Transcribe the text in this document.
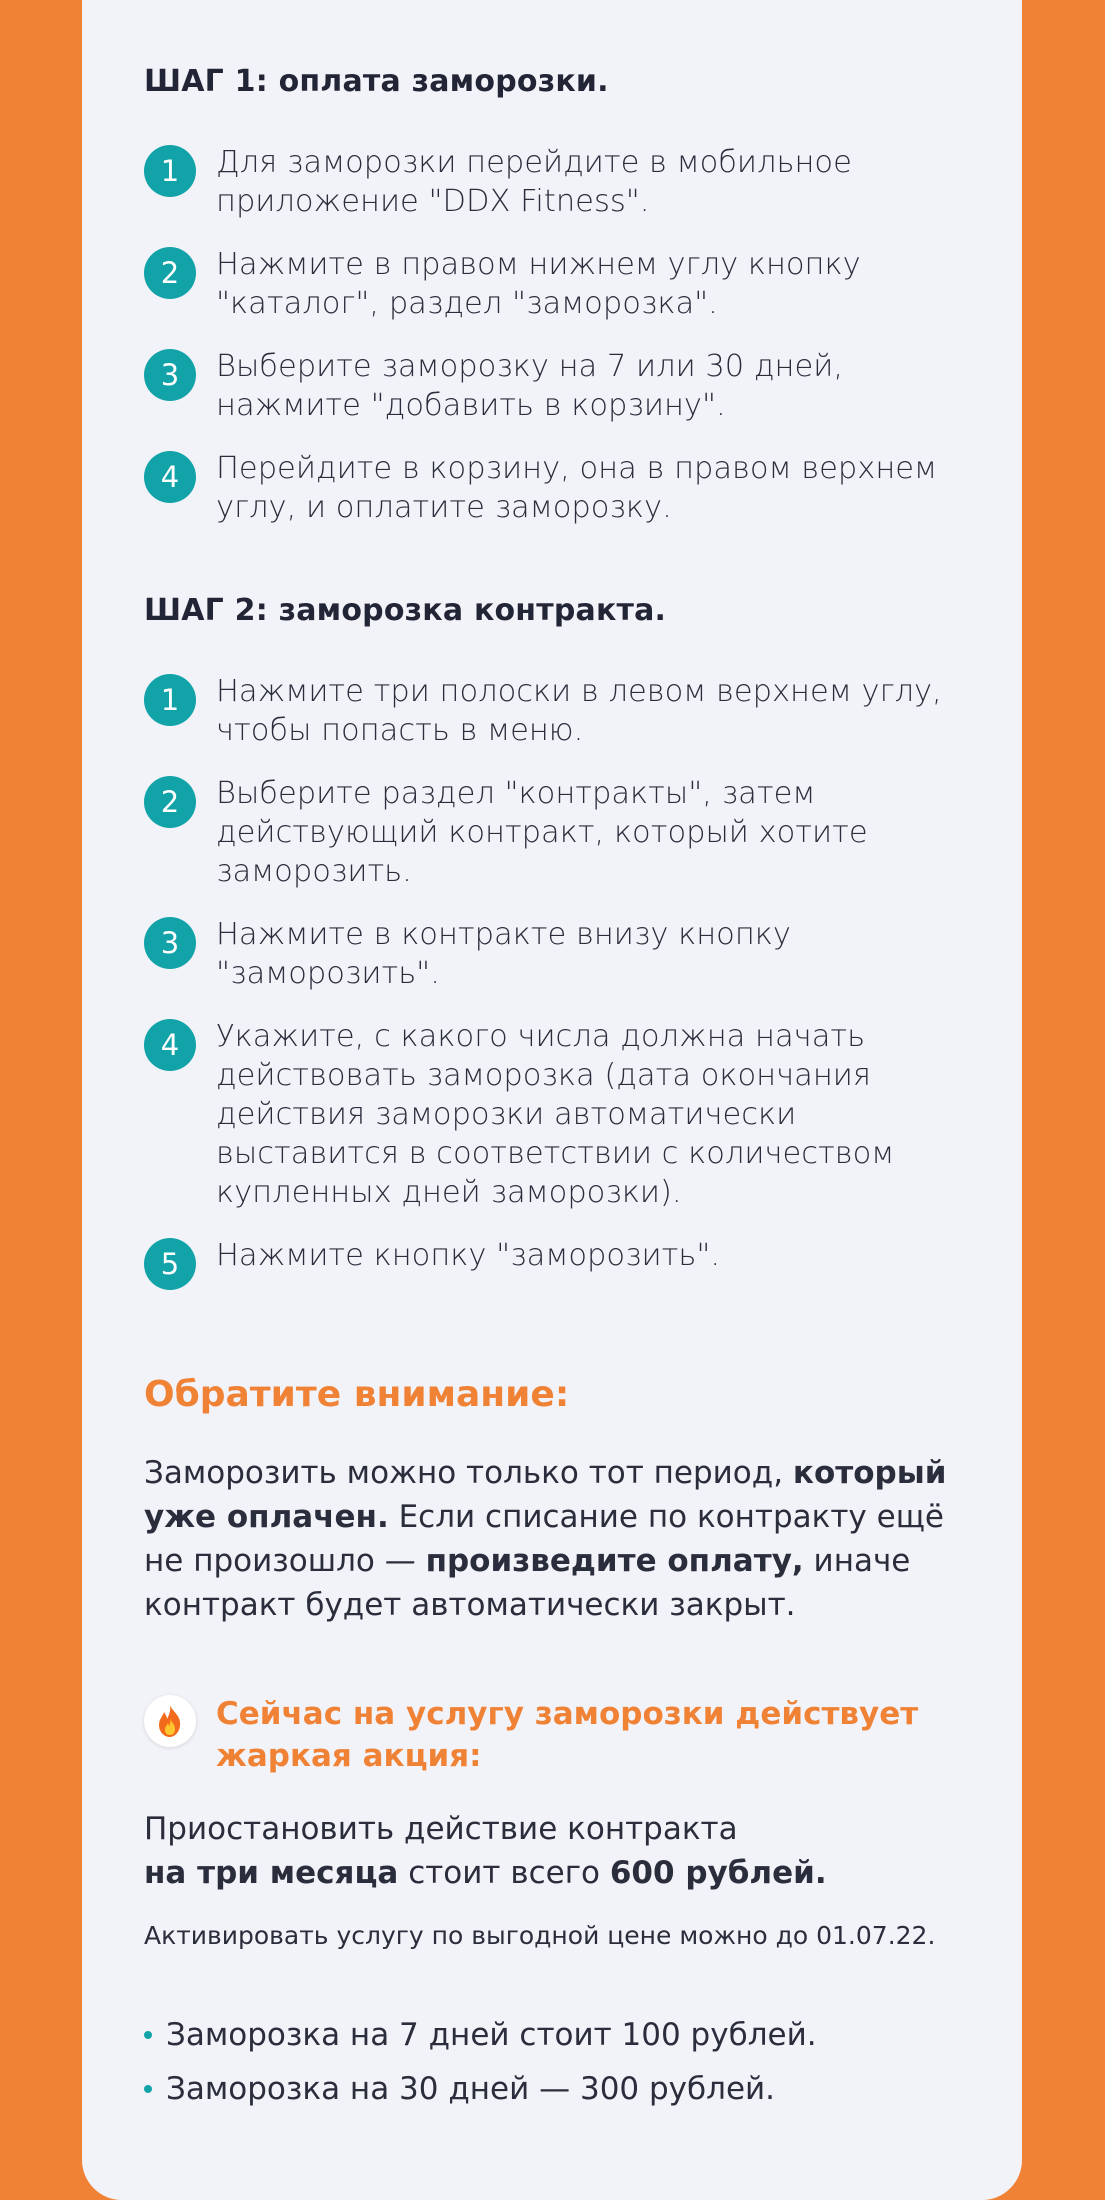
ШАГ 1: оплата заморозки.
1	Для заморозки перейдите в мобильное приложение "DDX Fitness".
2	Нажмите в правом нижнем углу кнопку "каталог", раздел "заморозка".
3	Выберите заморозку на 7 или 30 дней, нажмите "добавить в корзину".
4	Перейдите в корзину, она в правом верхнем углу, и оплатите заморозку.
ШАГ 2: заморозка контракта.
1	Нажмите три полоски в левом верхнем углу, чтобы попасть в меню.
2	Выберите раздел "контракты", затем действующий контракт, который хотите заморозить.
3	Нажмите в контракте внизу кнопку "заморозить".
4	Укажите, с какого числа должна начать действовать заморозка (дата окончания действия заморозки автоматически выставится в соответствии с количеством купленных дней заморозки).
5	Нажмите кнопку "заморозить".
Обратите внимание:

Заморозить можно только тот период, который уже оплачен. Если списание по контракту ещё не произошло — произведите оплату, иначе контракт будет автоматически закрыт.

Сейчас на услугу заморозки действует жаркая акция:

Приостановить действие контракта
на три месяца стоит всего 600 рублей.

Активировать услугу по выгодной цене можно до 01.07.22.

Заморозка на 7 дней стоит 100 рублей.
Заморозка на 30 дней — 300 рублей.
